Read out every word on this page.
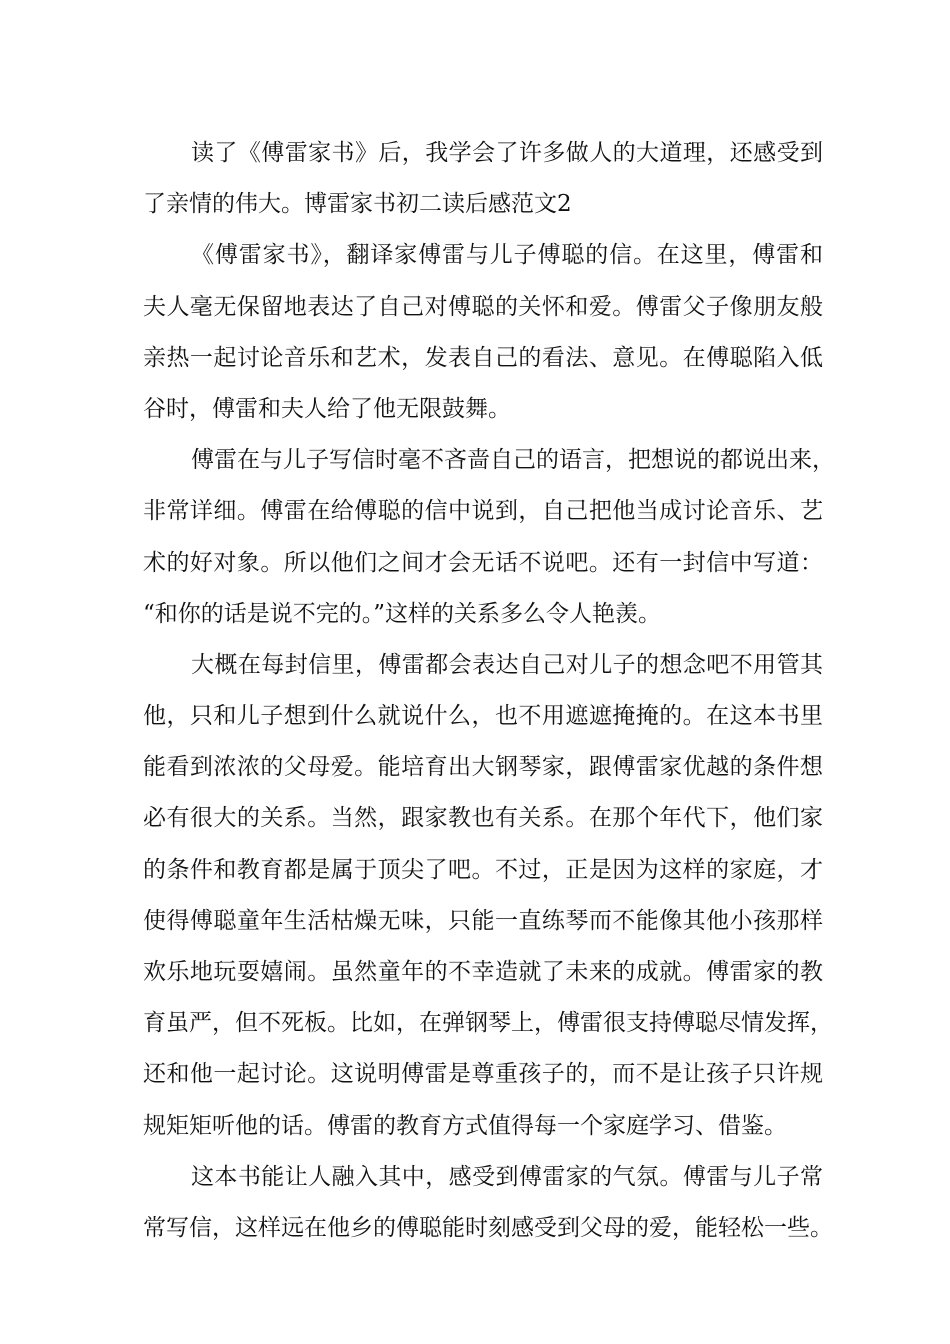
读了《傅雷家书》后，我学会了许多做人的大道理，还感受到
了亲情的伟大。博雷家书初二读后感范文2
《傅雷家书》，翻译家傅雷与儿子傅聪的信。在这里，傅雷和
夫人毫无保留地表达了自己对傅聪的关怀和爱。傅雷父子像朋友般
亲热一起讨论音乐和艺术，发表自己的看法、意见。在傅聪陷入低
谷时，傅雷和夫人给了他无限鼓舞。
傅雷在与儿子写信时毫不吝啬自己的语言，把想说的都说出来，
非常详细。傅雷在给傅聪的信中说到，自己把他当成讨论音乐、艺
术的好对象。所以他们之间才会无话不说吧。还有一封信中写道：
“和你的话是说不完的。”这样的关系多么令人艳羡。
大概在每封信里，傅雷都会表达自己对儿子的想念吧不用管其
他，只和儿子想到什么就说什么，也不用遮遮掩掩的。在这本书里
能看到浓浓的父母爱。能培育出大钢琴家，跟傅雷家优越的条件想
必有很大的关系。当然，跟家教也有关系。在那个年代下，他们家
的条件和教育都是属于顶尖了吧。不过，正是因为这样的家庭，才
使得傅聪童年生活枯燥无味，只能一直练琴而不能像其他小孩那样
欢乐地玩耍嬉闹。虽然童年的不幸造就了未来的成就。傅雷家的教
育虽严，但不死板。比如，在弹钢琴上，傅雷很支持傅聪尽情发挥，
还和他一起讨论。这说明傅雷是尊重孩子的，而不是让孩子只许规
规矩矩听他的话。傅雷的教育方式值得每一个家庭学习、借鉴。
这本书能让人融入其中，感受到傅雷家的气氛。傅雷与儿子常
常写信，这样远在他乡的傅聪能时刻感受到父母的爱，能轻松一些。
